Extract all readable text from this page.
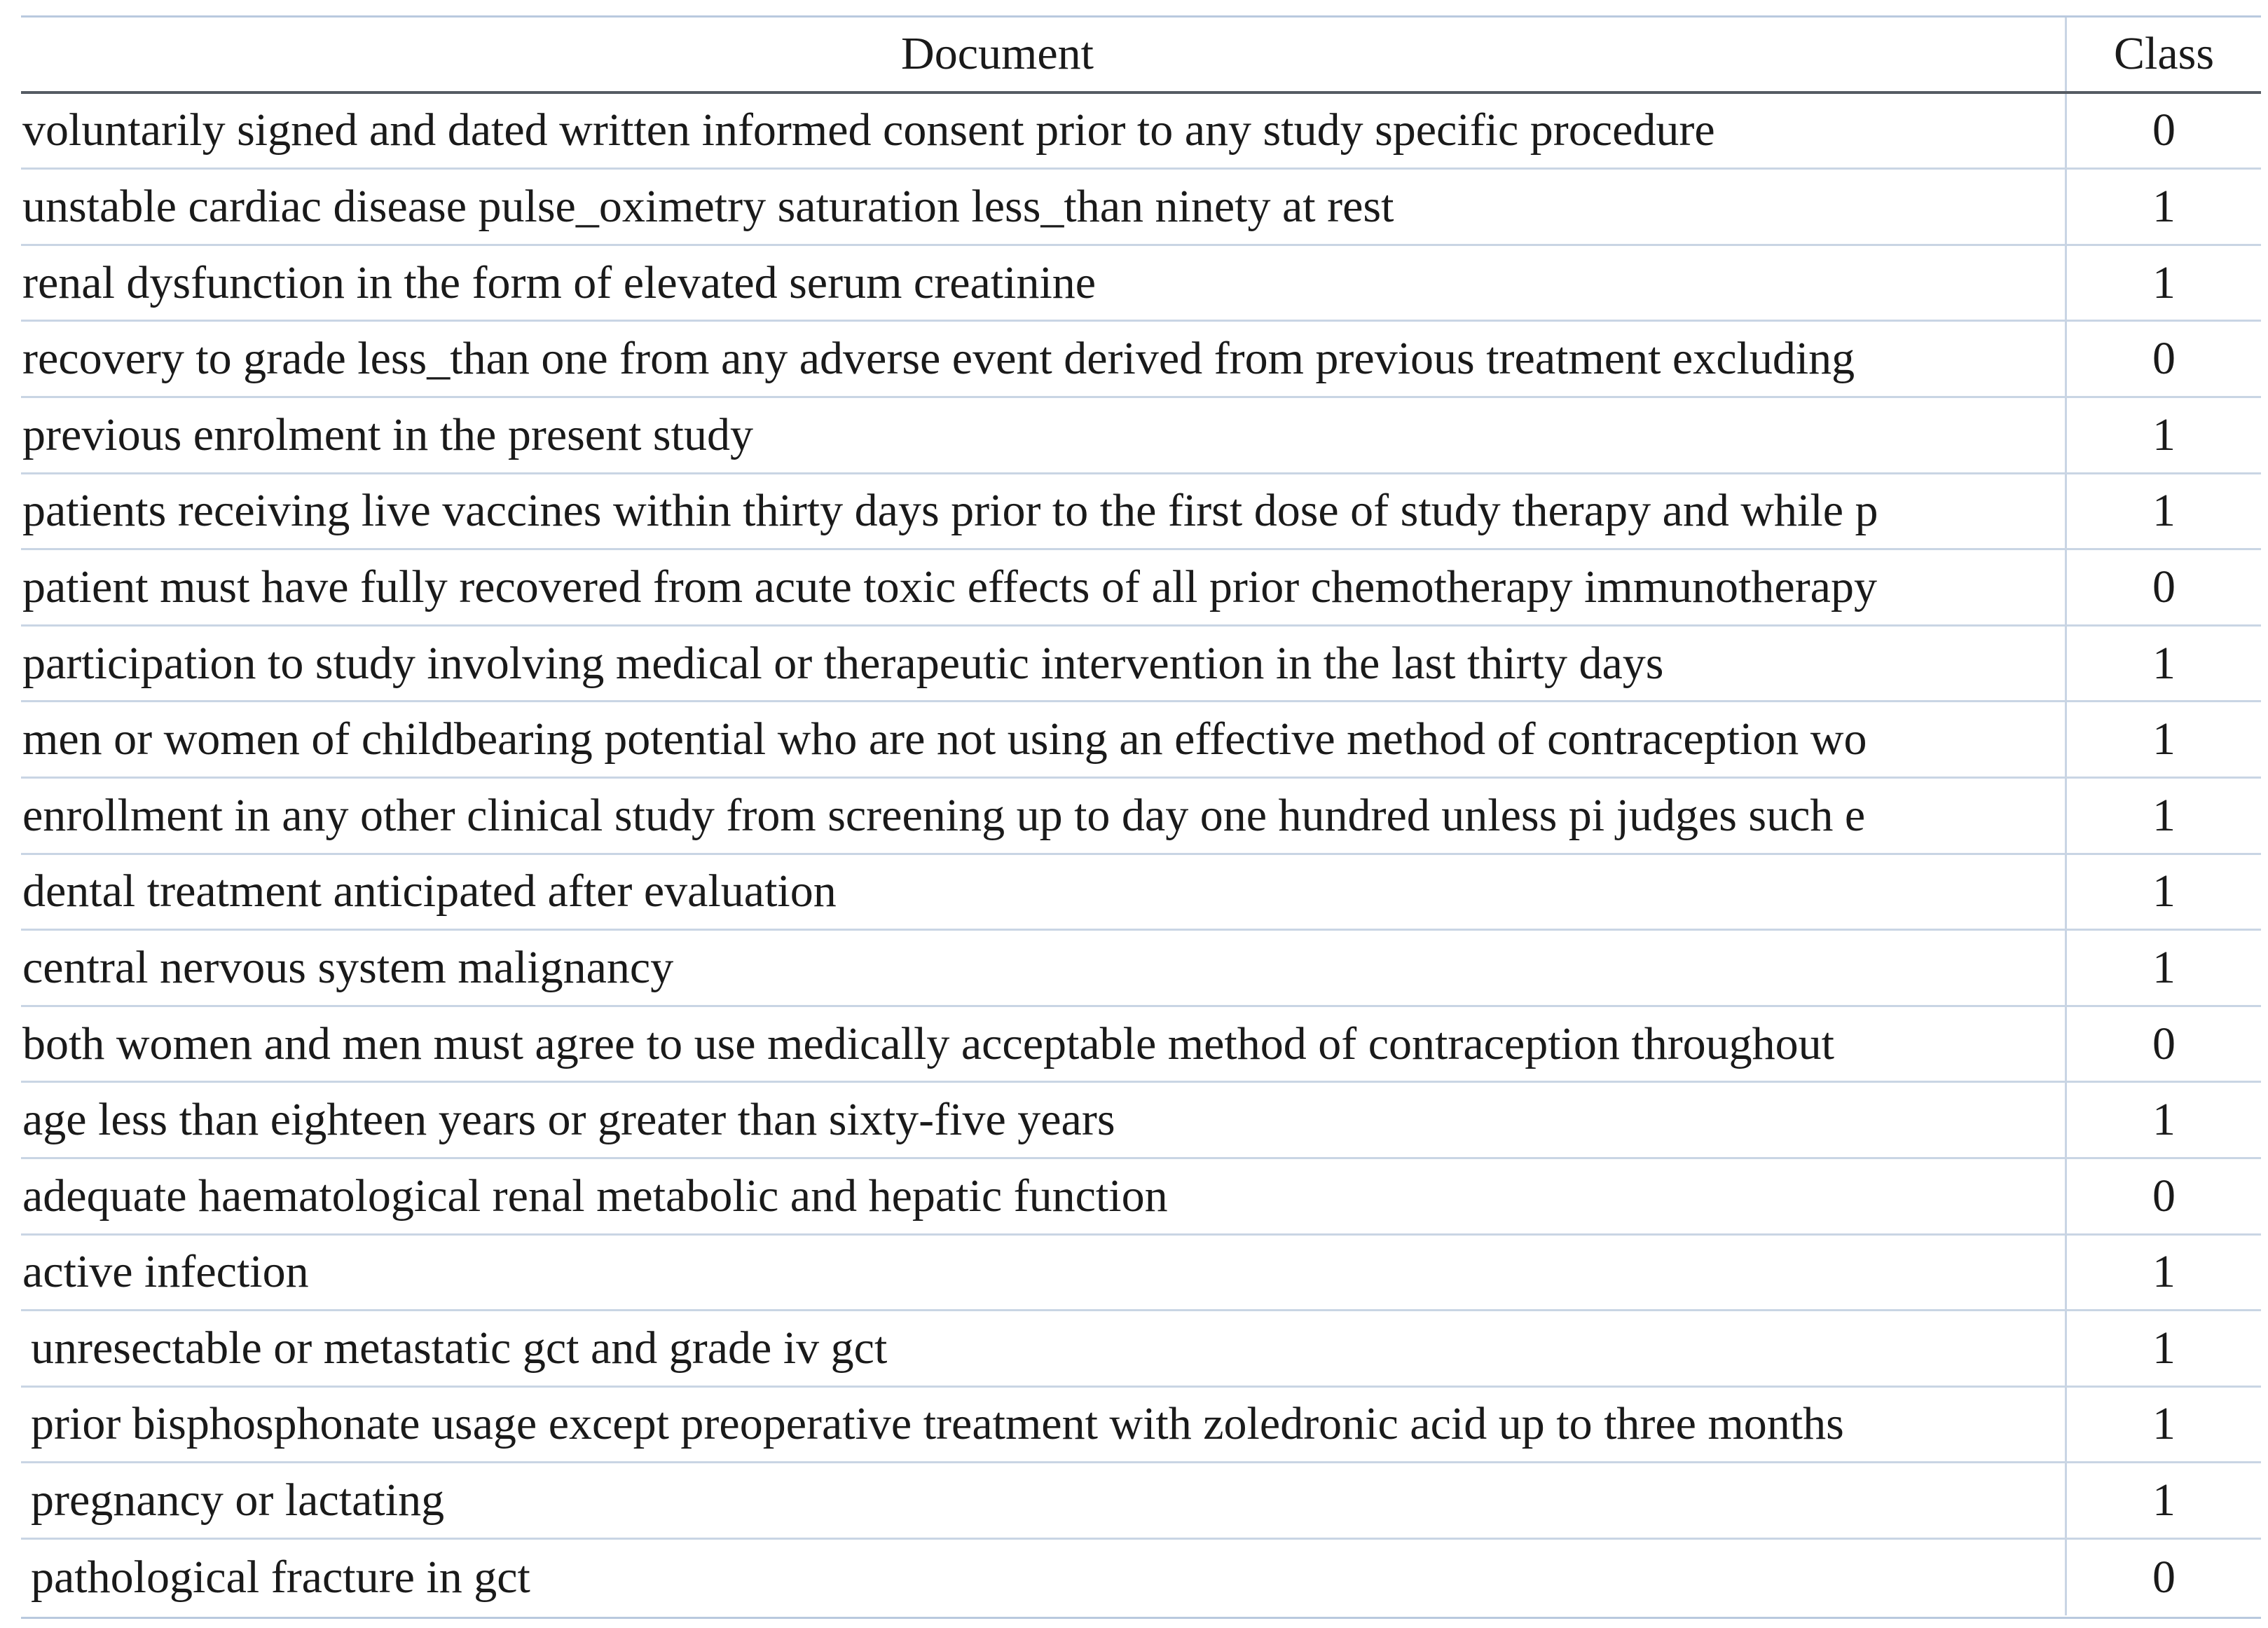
Document	Class
voluntarily signed and dated written informed consent prior to any study specific procedure	0
unstable cardiac disease pulse_oximetry saturation less_than ninety at rest	1
renal dysfunction in the form of elevated serum creatinine	1
recovery to grade less_than one from any adverse event derived from previous treatment excluding	0
previous enrolment in the present study	1
patients receiving live vaccines within thirty days prior to the first dose of study therapy and while p	1
patient must have fully recovered from acute toxic effects of all prior chemotherapy immunotherapy	0
participation to study involving medical or therapeutic intervention in the last thirty days	1
men or women of childbearing potential who are not using an effective method of contraception wo	1
enrollment in any other clinical study from screening up to day one hundred unless pi judges such e	1
dental treatment anticipated after evaluation	1
central nervous system malignancy	1
both women and men must agree to use medically acceptable method of contraception throughout	0
age less than eighteen years or greater than sixty-five years	1
adequate haematological renal metabolic and hepatic function	0
active infection	1
unresectable or metastatic gct and grade iv gct	1
prior bisphosphonate usage except preoperative treatment with zoledronic acid up to three months	1
pregnancy or lactating	1
pathological fracture in gct	0
